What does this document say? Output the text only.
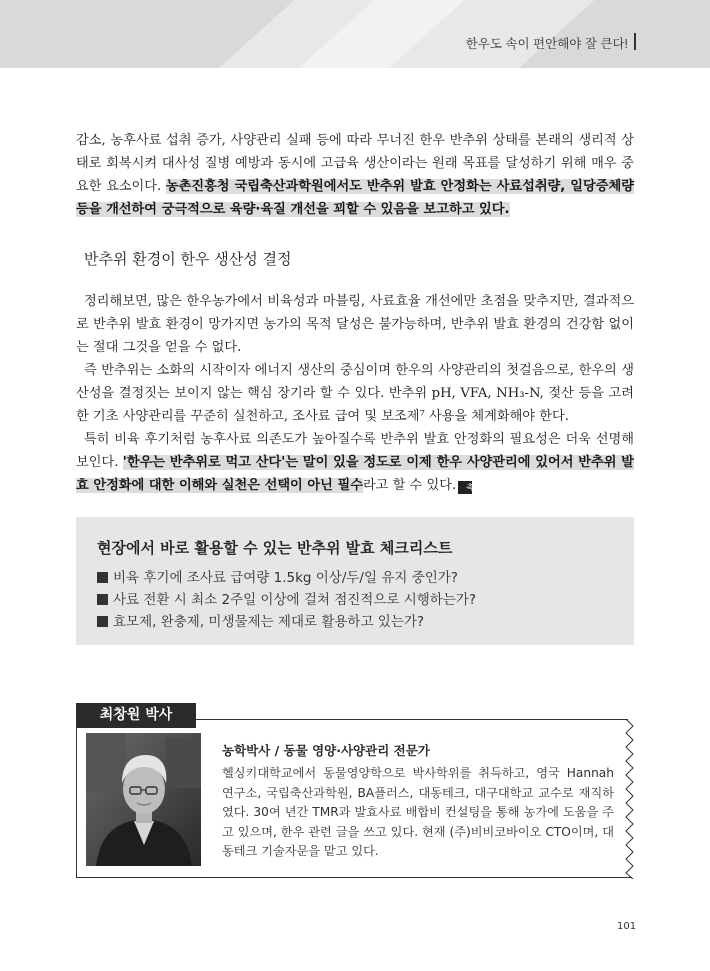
한우도 속이 편안해야 잘 큰다!
감소, 농후사료 섭취 증가, 사양관리 실패 등에 따라 무너진 한우 반추위 상태를 본래의 생리적 상태로 회복시켜 대사성 질병 예방과 동시에 고급육 생산이라는 원래 목표를 달성하기 위해 매우 중요한 요소이다. 농촌진흥청 국립축산과학원에서도 반추위 발효 안정화는 사료섭취량, 일당증체량 등을 개선하여 궁극적으로 육량·육질 개선을 꾀할 수 있음을 보고하고 있다.
반추위 환경이 한우 생산성 결정
정리해보면, 많은 한우농가에서 비육성과 마블링, 사료효율 개선에만 초점을 맞추지만, 결과적으로 반추위 발효 환경이 망가지면 농가의 목적 달성은 불가능하며, 반추위 발효 환경의 건강함 없이는 절대 그것을 얻을 수 없다.
즉 반추위는 소화의 시작이자 에너지 생산의 중심이며 한우의 사양관리의 첫걸음으로, 한우의 생산성을 결정짓는 보이지 않는 핵심 장기라 할 수 있다. 반추위 pH, VFA, NH₃-N, 젖산 등을 고려한 기초 사양관리를 꾸준히 실천하고, 조사료 급여 및 보조제⁷ 사용을 체계화해야 한다.
특히 비육 후기처럼 농후사료 의존도가 높아질수록 반추위 발효 안정화의 필요성은 더욱 선명해 보인다. '한우는 반추위로 먹고 산다'는 말이 있을 정도로 이제 한우 사양관리에 있어서 반추위 발효 안정화에 대한 이해와 실천은 선택이 아닌 필수라고 할 수 있다. 축
현장에서 바로 활용할 수 있는 반추위 발효 체크리스트
비육 후기에 조사료 급여량 1.5kg 이상/두/일 유지 중인가?
사료 전환 시 최소 2주일 이상에 걸쳐 점진적으로 시행하는가?
효모제, 완충제, 미생물제는 제대로 활용하고 있는가?
최창원 박사
농학박사 / 동물 영양·사양관리 전문가
헬싱키대학교에서 동물영양학으로 박사학위를 취득하고, 영국 Hannah 연구소, 국립축산과학원, BA플러스, 대동테크, 대구대학교 교수로 재직하였다. 30여 년간 TMR과 발효사료 배합비 컨설팅을 통해 농가에 도움을 주고 있으며, 한우 관련 글을 쓰고 있다. 현재 (주)비비코바이오 CTO이며, 대동테크 기술자문을 맡고 있다.
101
